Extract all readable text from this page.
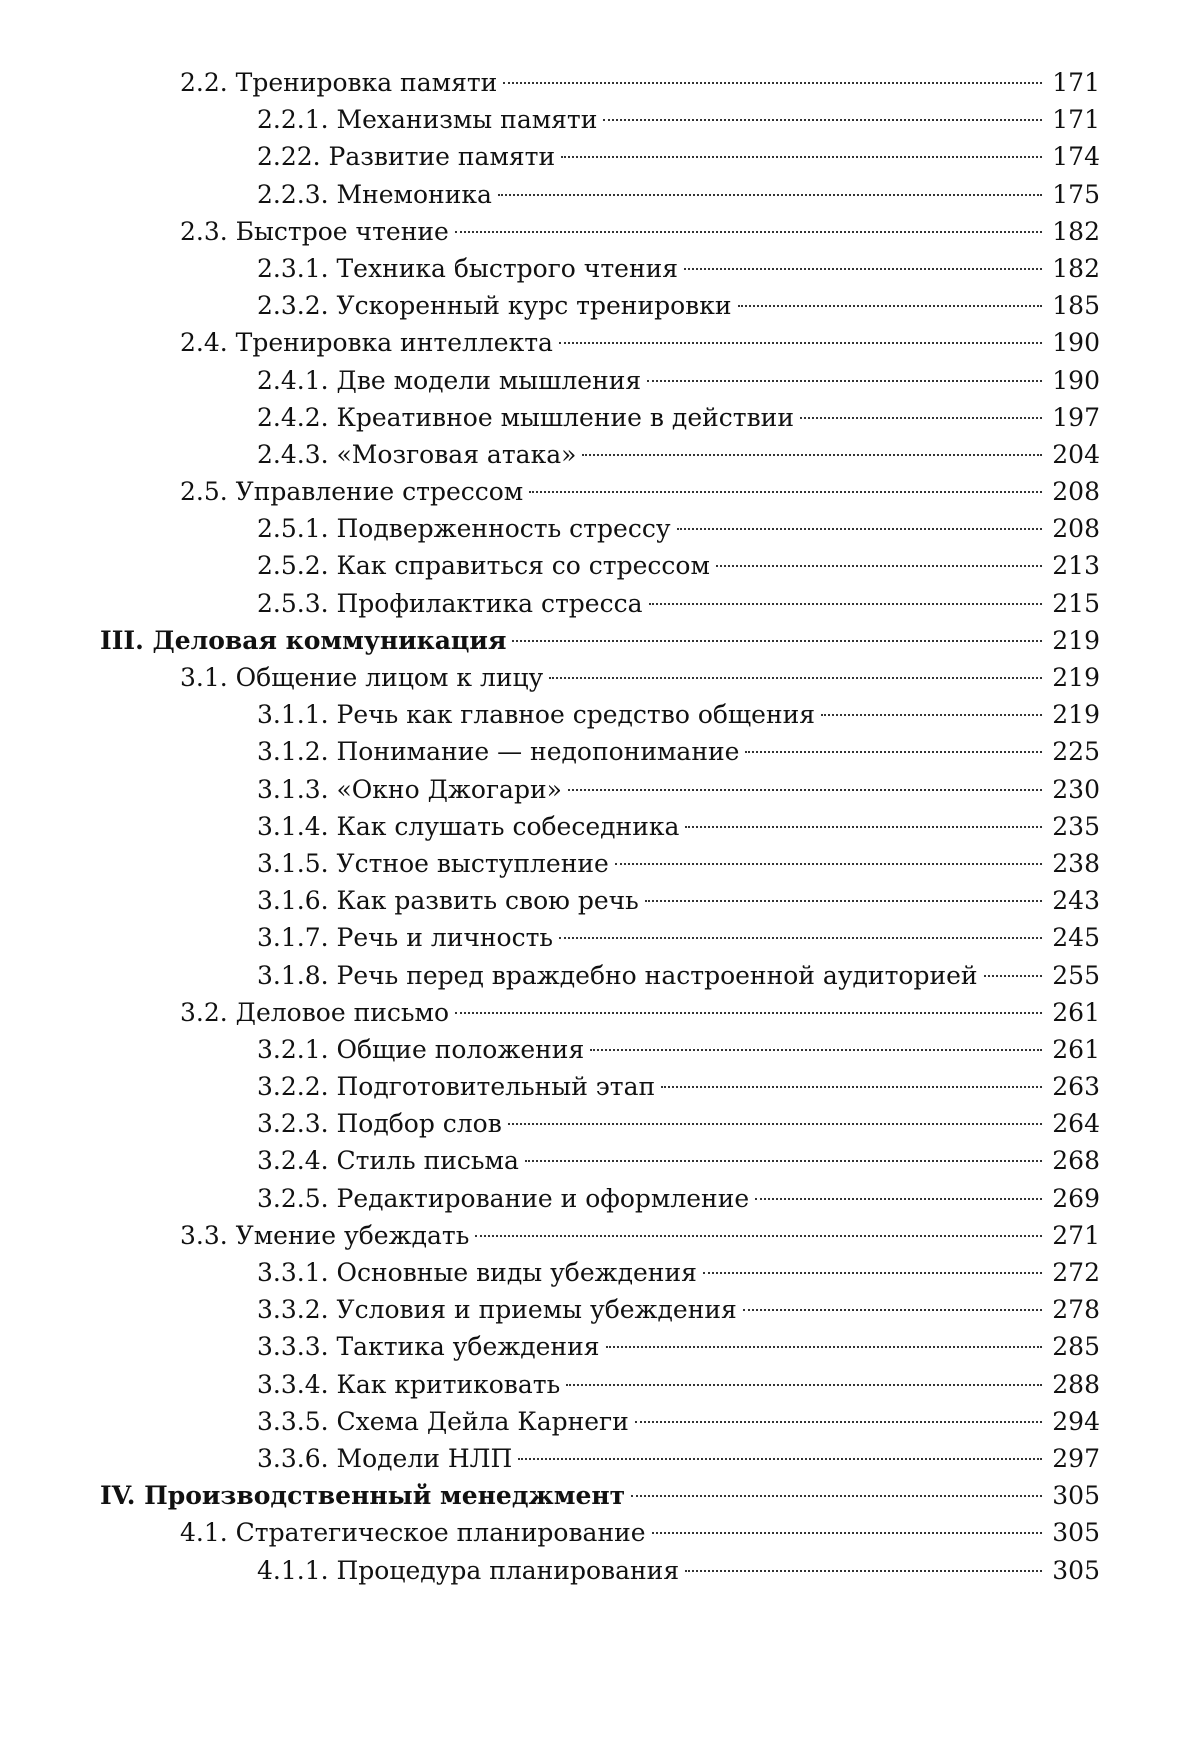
2.2. Тренировка памяти	171
2.2.1. Механизмы памяти	171
2.22. Развитие памяти	174
2.2.3. Мнемоника	175
2.3. Быстрое чтение	182
2.3.1. Техника быстрого чтения	182
2.3.2. Ускоренный курс тренировки	185
2.4. Тренировка интеллекта	190
2.4.1. Две модели мышления	190
2.4.2. Креативное мышление в действии	197
2.4.3. «Мозговая атака»	204
2.5. Управление стрессом	208
2.5.1. Подверженность стрессу	208
2.5.2. Как справиться со стрессом	213
2.5.3. Профилактика стресса	215
III. Деловая коммуникация	219
3.1. Общение лицом к лицу	219
3.1.1. Речь как главное средство общения	219
3.1.2. Понимание — недопонимание	225
3.1.3. «Окно Джогари»	230
3.1.4. Как слушать собеседника	235
3.1.5. Устное выступление	238
3.1.6. Как развить свою речь	243
3.1.7. Речь и личность	245
3.1.8. Речь перед враждебно настроенной аудиторией	255
3.2. Деловое письмо	261
3.2.1. Общие положения	261
3.2.2. Подготовительный этап	263
3.2.3. Подбор слов	264
3.2.4. Стиль письма	268
3.2.5. Редактирование и оформление	269
3.3. Умение убеждать	271
3.3.1. Основные виды убеждения	272
3.3.2. Условия и приемы убеждения	278
3.3.3. Тактика убеждения	285
3.3.4. Как критиковать	288
3.3.5. Схема Дейла Карнеги	294
3.3.6. Модели НЛП	297
IV. Производственный менеджмент	305
4.1. Стратегическое планирование	305
4.1.1. Процедура планирования	305
